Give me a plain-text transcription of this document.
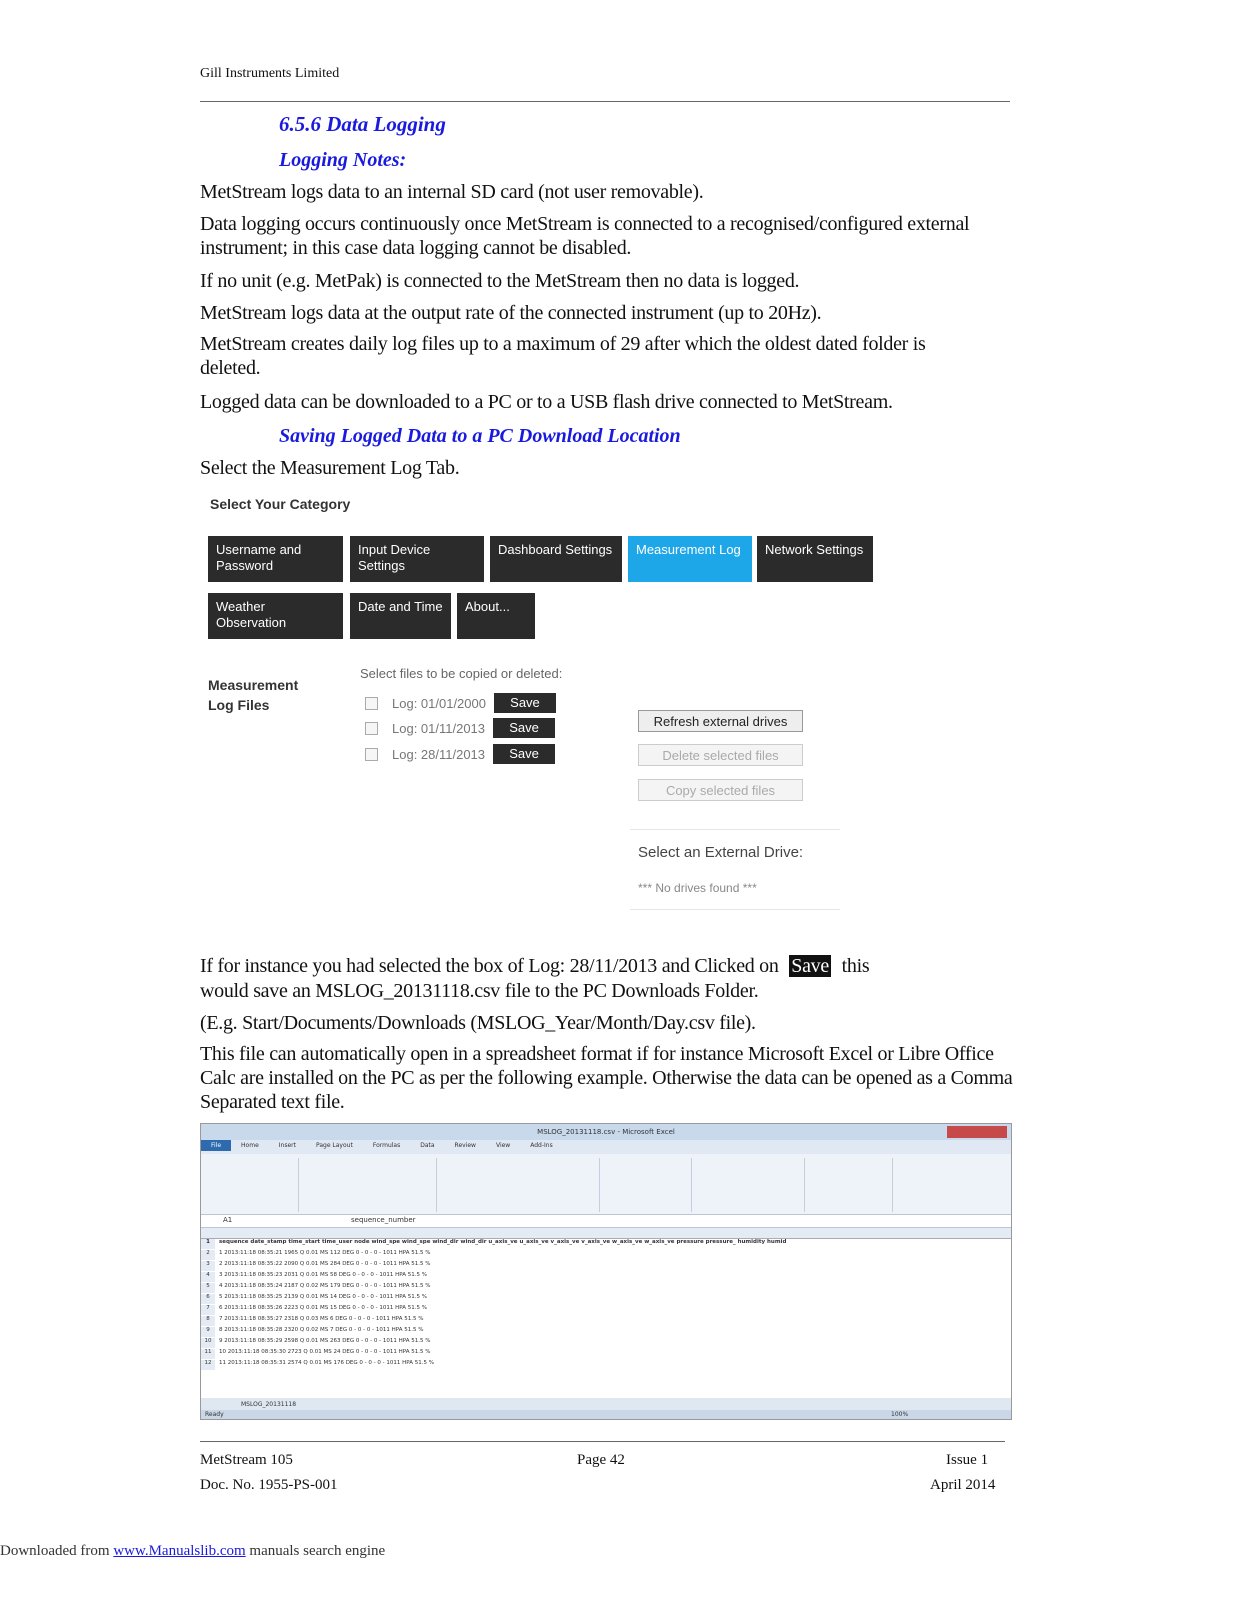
Gill Instruments Limited
6.5.6 Data Logging
Logging Notes:
MetStream logs data to an internal SD card (not user removable).
Data logging occurs continuously once MetStream is connected to a recognised/configured external instrument; in this case data logging cannot be disabled.
If no unit (e.g. MetPak) is connected to the MetStream then no data is logged.
MetStream logs data at the output rate of the connected instrument (up to 20Hz).
MetStream creates daily log files up to a maximum of 29 after which the oldest dated folder is deleted.
Logged data can be downloaded to a PC or to a USB flash drive connected to MetStream.
Saving Logged Data to a PC Download Location
Select the Measurement Log Tab.
Select Your Category
Username and Password
Input Device Settings
Dashboard Settings	Measurement Log	Network Settings
Weather Observation
Date and Time	About...
Measurement
Log Files
Select files to be copied or deleted:
Log: 01/01/2000	Save
Log: 01/11/2013	Save
Log: 28/11/2013	Save
Refresh external drives
Delete selected files
Copy selected files
Select an External Drive:
*** No drives found ***
If for instance you had selected the box of Log: 28/11/2013 and Clicked on Save this
would save an MSLOG_20131118.csv file to the PC Downloads Folder.
(E.g. Start/Documents/Downloads (MSLOG_Year/Month/Day.csv file).
This file can automatically open in a spreadsheet format if for instance Microsoft Excel or Libre Office Calc are installed on the PC as per the following example. Otherwise the data can be opened as a Comma Separated text file.
MSLOG_20131118.csv - Microsoft Excel
File	Home	Insert	Page Layout	Formulas	Data	Review	View	Add-Ins
A1	sequence_number
1	sequence date_stamp time_start time_user node wind_spe wind_spe wind_dir wind_dir u_axis_ve u_axis_ve v_axis_ve v_axis_ve w_axis_ve w_axis_ve pressure pressure_ humidity humid
2	1 2013:11:18 08:35:21 1965 Q 0.01 MS 112 DEG 0 - 0 - 0 - 1011 HPA 51.5 %
3	2 2013:11:18 08:35:22 2090 Q 0.01 MS 284 DEG 0 - 0 - 0 - 1011 HPA 51.5 %
4	3 2013:11:18 08:35:23 2031 Q 0.01 MS 58 DEG 0 - 0 - 0 - 1011 HPA 51.5 %
5	4 2013:11:18 08:35:24 2187 Q 0.02 MS 179 DEG 0 - 0 - 0 - 1011 HPA 51.5 %
6	5 2013:11:18 08:35:25 2139 Q 0.01 MS 14 DEG 0 - 0 - 0 - 1011 HPA 51.5 %
7	6 2013:11:18 08:35:26 2223 Q 0.01 MS 15 DEG 0 - 0 - 0 - 1011 HPA 51.5 %
8	7 2013:11:18 08:35:27 2318 Q 0.03 MS 6 DEG 0 - 0 - 0 - 1011 HPA 51.5 %
9	8 2013:11:18 08:35:28 2320 Q 0.02 MS 7 DEG 0 - 0 - 0 - 1011 HPA 51.5 %
10	9 2013:11:18 08:35:29 2598 Q 0.01 MS 263 DEG 0 - 0 - 0 - 1011 HPA 51.5 %
11	10 2013:11:18 08:35:30 2723 Q 0.01 MS 24 DEG 0 - 0 - 0 - 1011 HPA 51.5 %
12	11 2013:11:18 08:35:31 2574 Q 0.01 MS 176 DEG 0 - 0 - 0 - 1011 HPA 51.5 %
MSLOG_20131118
Ready	100%
MetStream 105	Page 42	Issue 1
Doc. No. 1955-PS-001	April 2014
Downloaded from www.Manualslib.com manuals search engine
